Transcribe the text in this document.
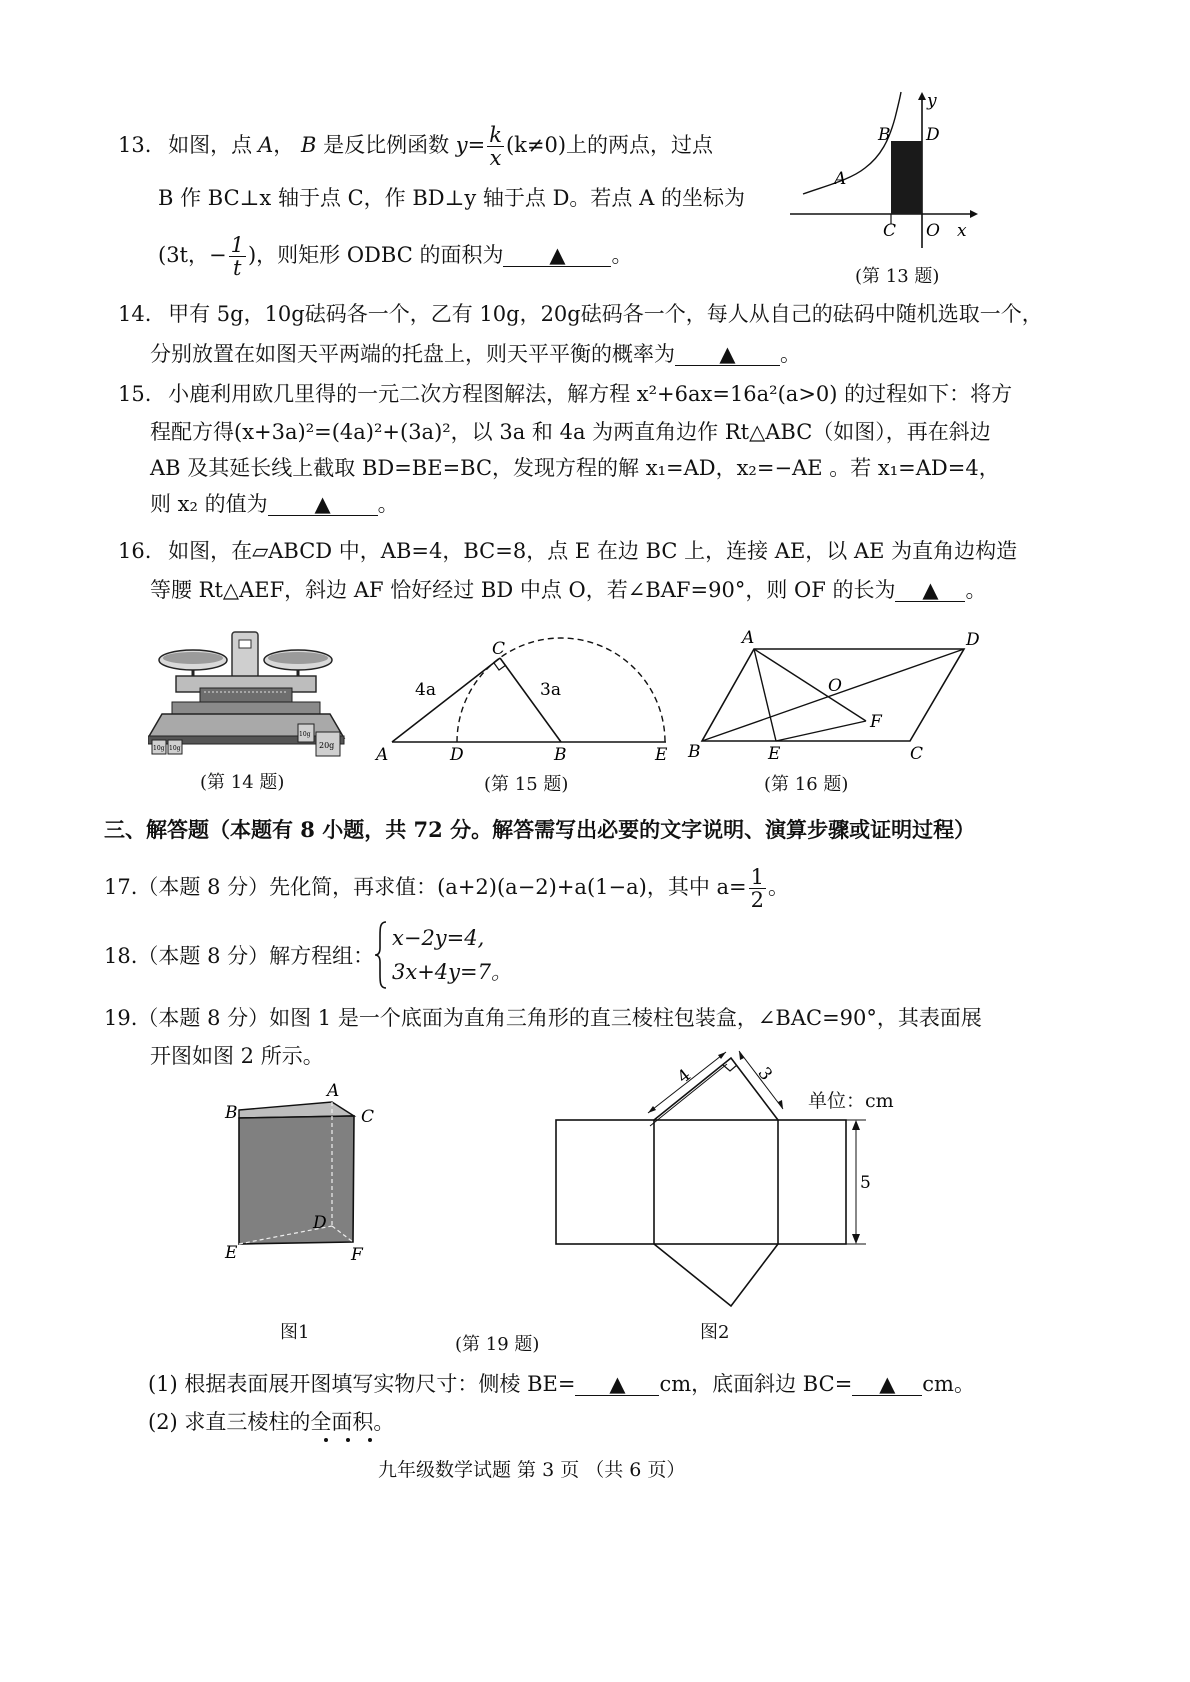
13. 如图，点 A， B 是反比例函数 $y= \frac{k}{x} (k\ne 0)$上的两点，过点
B 作 BC⊥x 轴于点 C，作 BD⊥y 轴于点 D。若点 A 的坐标为
(3t，− $\frac{1}{t}$ )，则矩形 ODBC 的面积为 ▲ 。
y
B D
A
C O x
(第 13 题)
14. 甲有 5g，10g砝码各一个，乙有 10g，20g砝码各一个，每人从自己的砝码中随机选取一个，
分别放置在如图天平两端的托盘上，则天平平衡的概率为 ▲ 。
15. 小鹿利用欧几里得的一元二次方程图解法，解方程 x²+6ax=16a²(a>0) 的过程如下：将方
程配方得(x+3a)²=(4a)²+(3a)²，以 3a 和 4a 为两直角边作 Rt△ABC（如图），再在斜边
AB 及其延长线上截取 BD=BE=BC，发现方程的解 x₁=AD，x₂=−AE 。若 x₁=AD=4，
则 x₂ 的值为 ▲ 。
16. 如图，在▱ABCD 中，AB=4，BC=8，点 E 在边 BC 上，连接 AE，以 AE 为直角边构造
等腰 Rt△AEF，斜边 AF 恰好经过 BD 中点 O，若∠BAF=90°，则 OF 的长为 ▲ 。
10g 10g
10g
20g
(第 14 题)
C
4a	3a
A	D	B	E
(第 15 题)
A	D
O
F
B	E	C
(第 16 题)
三、解答题（本题有 8 小题，共 72 分。解答需写出必要的文字说明、演算步骤或证明过程）
17.（本题 8 分）先化简，再求值：(a+2)(a−2)+a(1−a)，其中 $a= \frac{1}{2}$ 。
18.（本题 8 分）解方程组：
x−2y=4,
3x+4y=7。
19.（本题 8 分）如图 1 是一个底面为直角三角形的直三棱柱包装盒，∠BAC=90°，其表面展
开图如图 2 所示。
A
B	C
D
E	F
图1
4	3
5
单位：cm
图2
(第 19 题)
(1) 根据表面展开图填写实物尺寸：侧棱 BE= ▲ cm，底面斜边 BC= ▲ cm。
(2) 求直三棱柱的全面积。
九年级数学试题 第 3 页 （共 6 页）
